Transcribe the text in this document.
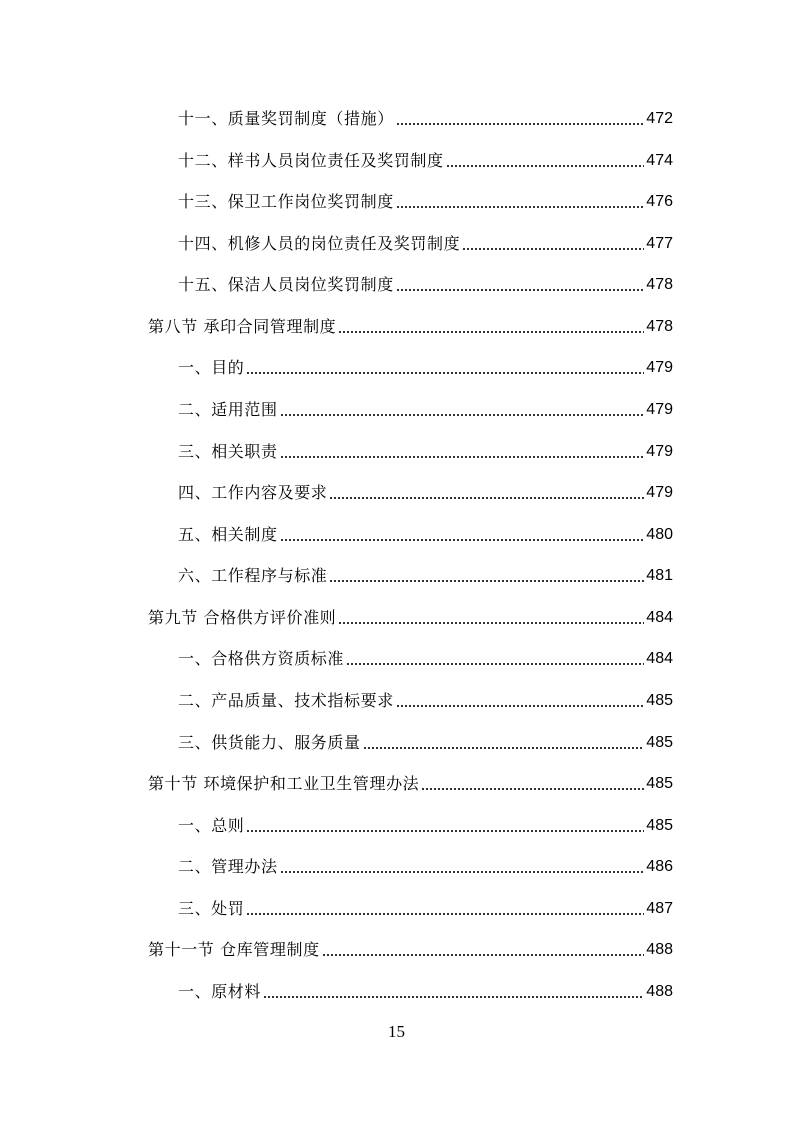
十一、质量奖罚制度（措施）	472
十二、样书人员岗位责任及奖罚制度	474
十三、保卫工作岗位奖罚制度	476
十四、机修人员的岗位责任及奖罚制度	477
十五、保洁人员岗位奖罚制度	478
第八节 承印合同管理制度	478
一、目的	479
二、适用范围	479
三、相关职责	479
四、工作内容及要求	479
五、相关制度	480
六、工作程序与标准	481
第九节 合格供方评价准则	484
一、合格供方资质标准	484
二、产品质量、技术指标要求	485
三、供货能力、服务质量	485
第十节 环境保护和工业卫生管理办法	485
一、总则	485
二、管理办法	486
三、处罚	487
第十一节 仓库管理制度	488
一、原材料	488
15
